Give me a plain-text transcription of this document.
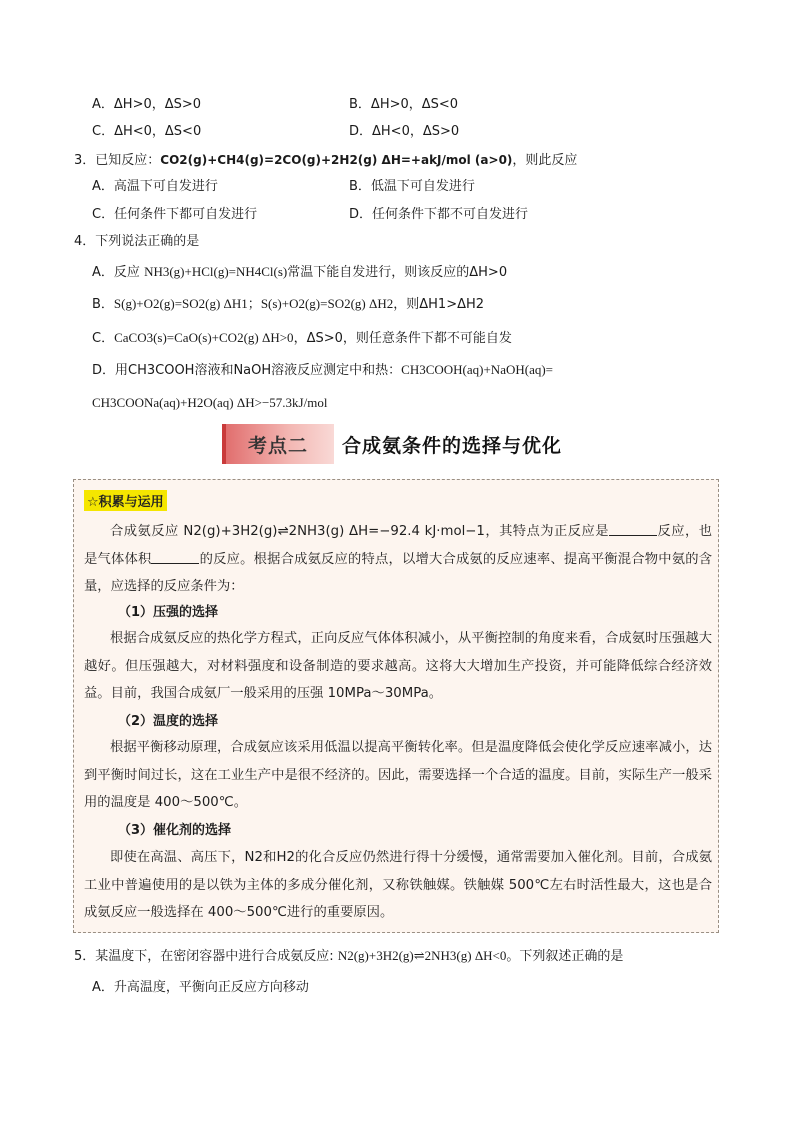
A．ΔH>0，ΔS>0	B．ΔH>0，ΔS<0
C．ΔH<0，ΔS<0	D．ΔH<0，ΔS>0
3．已知反应：CO2(g)+CH4(g)=2CO(g)+2H2(g) ΔH=+akJ/mol (a>0)，则此反应
A．高温下可自发进行	B．低温下可自发进行
C．任何条件下都可自发进行	D．任何条件下都不可自发进行
4．下列说法正确的是
A．反应 NH3(g)+HCl(g)=NH4Cl(s)常温下能自发进行，则该反应的ΔH>0
B．S(g)+O2(g)=SO2(g) ΔH1；S(s)+O2(g)=SO2(g) ΔH2，则ΔH1>ΔH2
C．CaCO3(s)=CaO(s)+CO2(g) ΔH>0，ΔS>0，则任意条件下都不可能自发
D．用CH3COOH溶液和NaOH溶液反应测定中和热：CH3COOH(aq)+NaOH(aq)=
CH3COONa(aq)+H2O(aq) ΔH>−57.3kJ/mol
考点二 合成氨条件的选择与优化
☆积累与运用
合成氨反应 N2(g)+3H2(g)⇌2NH3(g) ΔH=−92.4 kJ·mol−1，其特点为正反应是	反应，也是气体体积	的反应。根据合成氨反应的特点，以增大合成氨的反应速率、提高平衡混合物中氨的含量，应选择的反应条件为：
（1）压强的选择
根据合成氨反应的热化学方程式，正向反应气体体积减小，从平衡控制的角度来看，合成氨时压强越大越好。但压强越大，对材料强度和设备制造的要求越高。这将大大增加生产投资，并可能降低综合经济效益。目前，我国合成氨厂一般采用的压强 10MPa～30MPa。
（2）温度的选择
根据平衡移动原理，合成氨应该采用低温以提高平衡转化率。但是温度降低会使化学反应速率减小，达到平衡时间过长，这在工业生产中是很不经济的。因此，需要选择一个合适的温度。目前，实际生产一般采用的温度是 400～500℃。
（3）催化剂的选择
即使在高温、高压下，N2和H2的化合反应仍然进行得十分缓慢，通常需要加入催化剂。目前，合成氨工业中普遍使用的是以铁为主体的多成分催化剂，又称铁触媒。铁触媒 500℃左右时活性最大，这也是合成氨反应一般选择在 400～500℃进行的重要原因。
5．某温度下，在密闭容器中进行合成氨反应: N2(g)+3H2(g)⇌2NH3(g) ΔH<0。下列叙述正确的是
A．升高温度，平衡向正反应方向移动
